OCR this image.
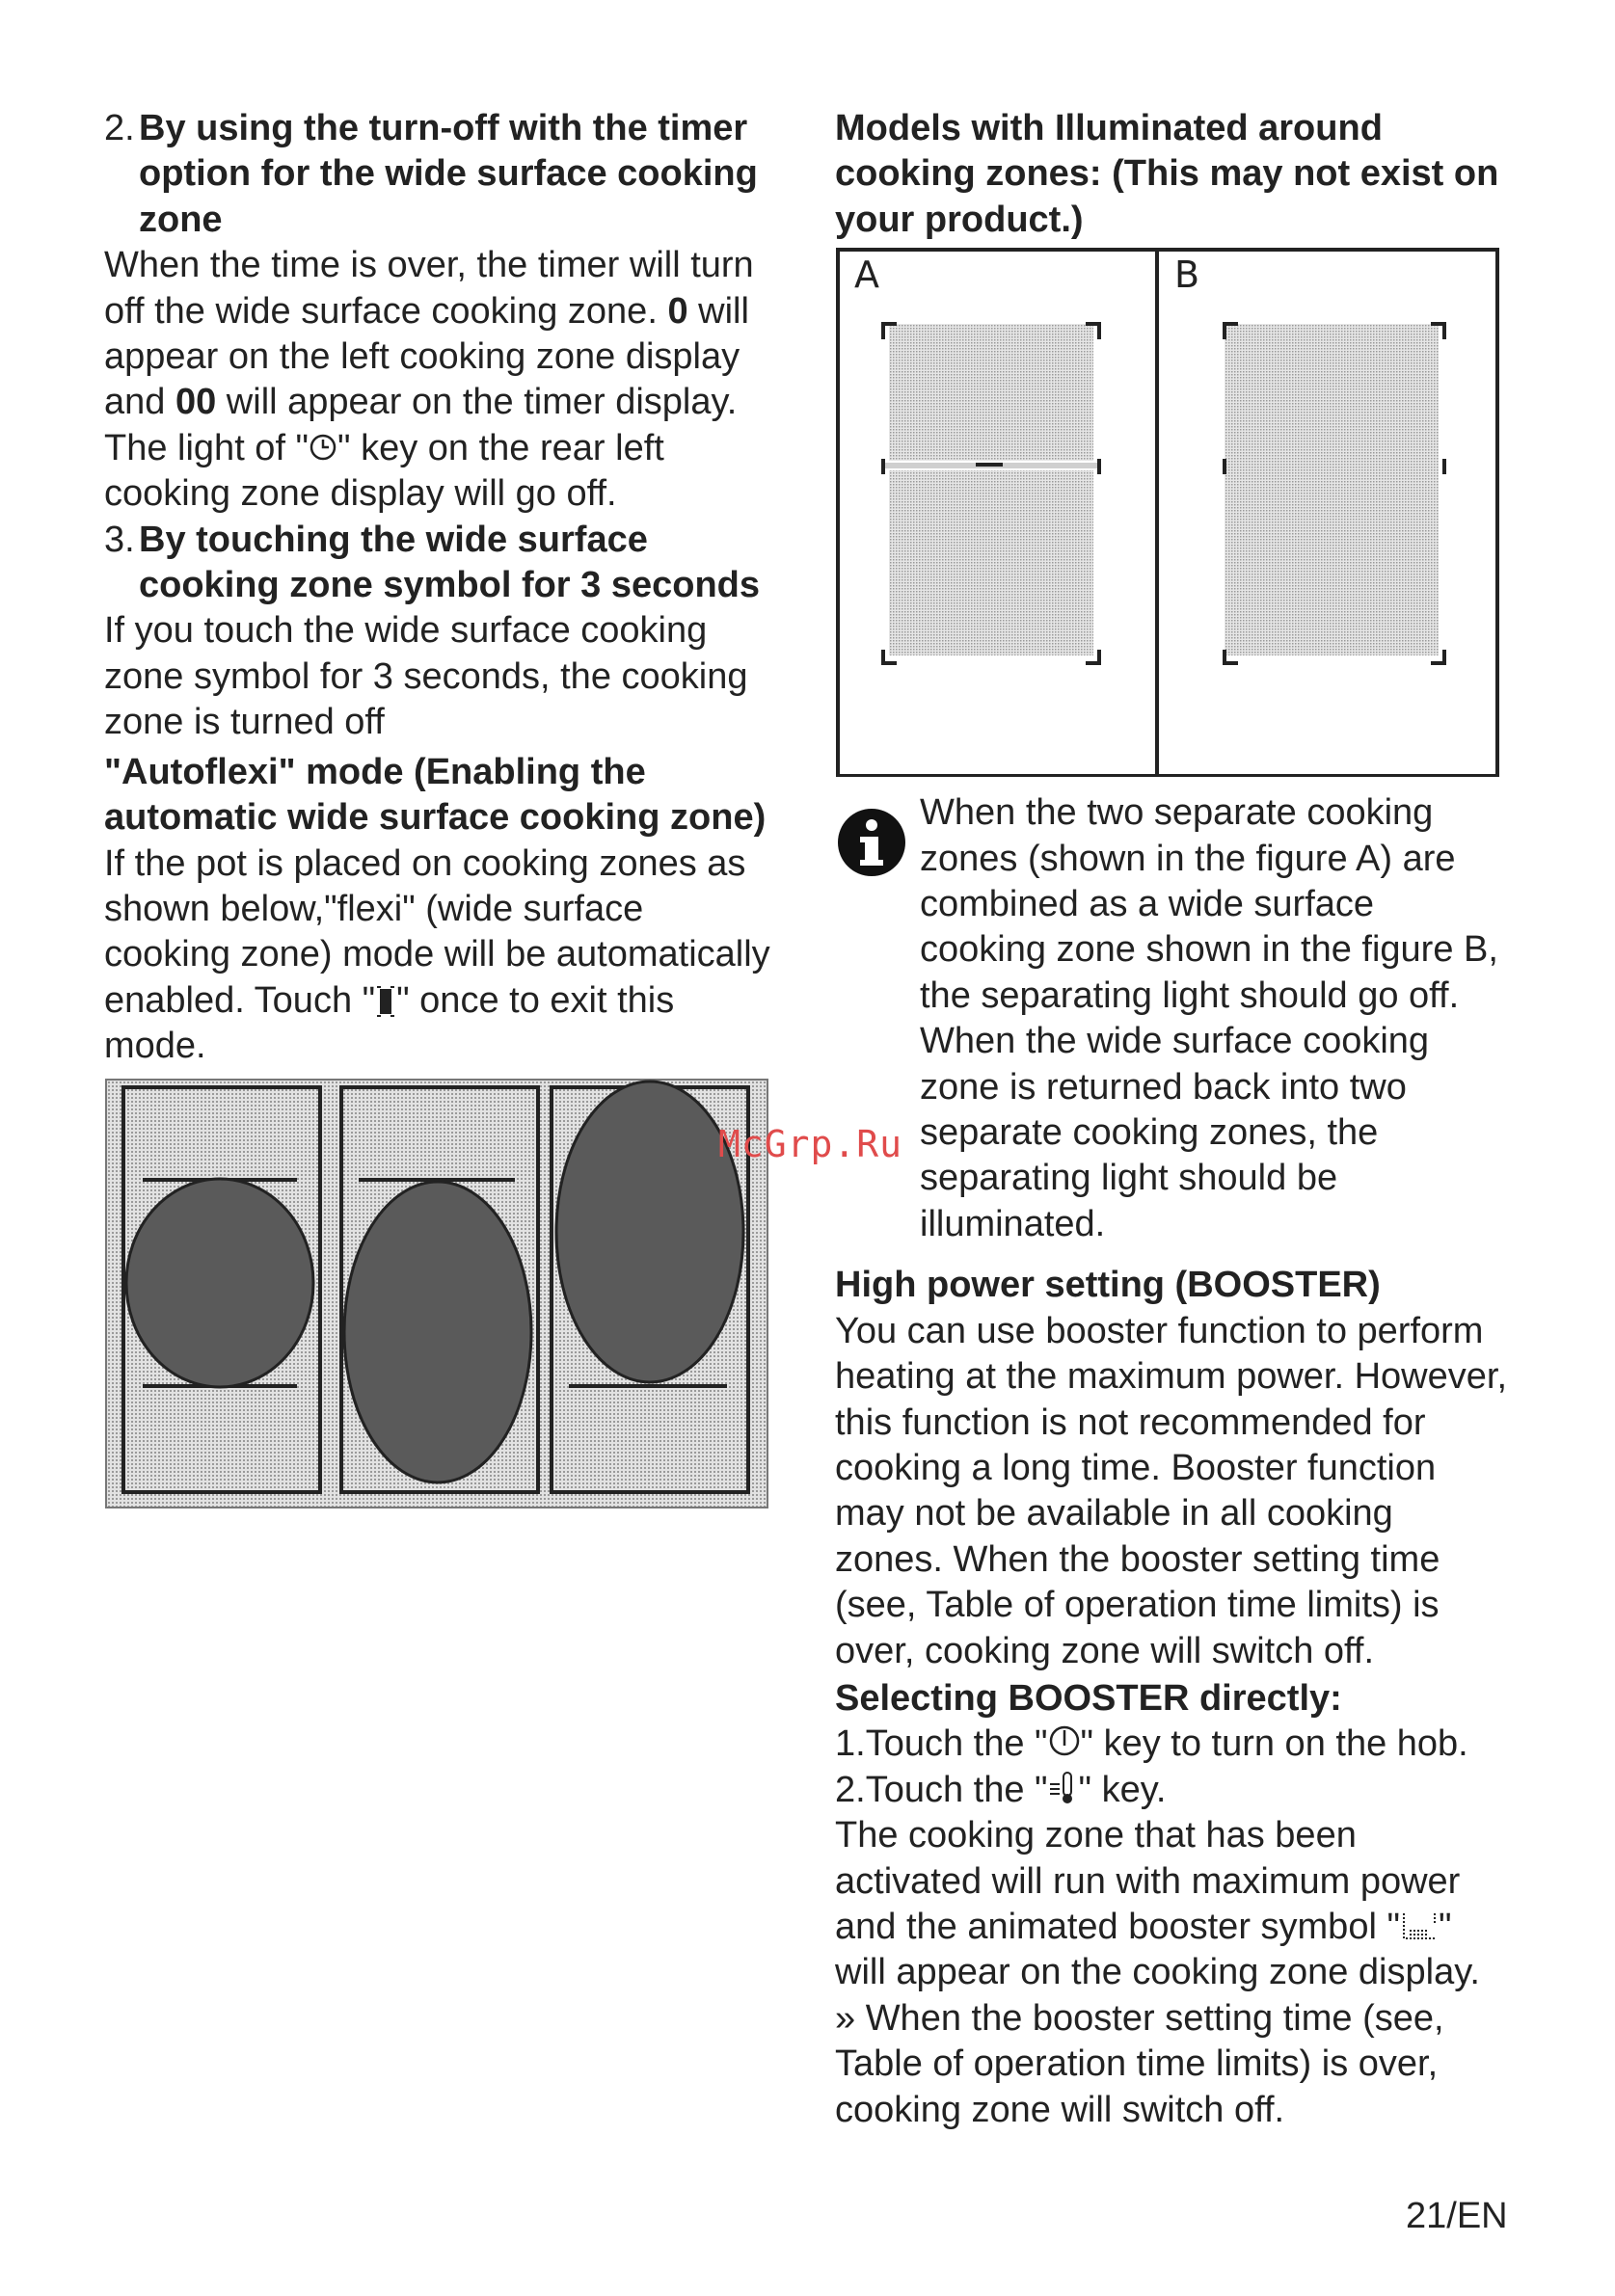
2. By using the turn-off with the timer option for the wide surface cooking zone

When the time is over, the timer will turn off the wide surface cooking zone. 0 will appear on the left cooking zone display and 00 will appear on the timer display. The light of " " key on the rear left cooking zone display will go off.

3. By touching the wide surface cooking zone symbol for 3 seconds

If you touch the wide surface cooking zone symbol for 3 seconds, the cooking zone is turned off

"Autoflexi" mode (Enabling the automatic wide surface cooking zone)

If the pot is placed on cooking zones as shown below,"flexi" (wide surface cooking zone) mode will be automatically enabled. Touch " " once to exit this mode.

Models with Illuminated around cooking zones: (This may not exist on your product.)

A	B

When the two separate cooking zones (shown in the figure A) are combined as a wide surface cooking zone shown in the figure B, the separating light should go off. When the wide surface cooking zone is returned back into two separate cooking zones, the separating light should be illuminated.

High power setting (BOOSTER)

You can use booster function to perform heating at the maximum power. However, this function is not recommended for cooking a long time. Booster function may not be available in all cooking zones. When the booster setting time (see, Table of operation time limits) is over, cooking zone will switch off.

Selecting BOOSTER directly:

1.Touch the " " key to turn on the hob.

2.Touch the " " key.

The cooking zone that has been activated will run with maximum power and the animated booster symbol " " will appear on the cooking zone display.

» When the booster setting time (see, Table of operation time limits) is over, cooking zone will switch off.

McGrp.Ru
21/EN
